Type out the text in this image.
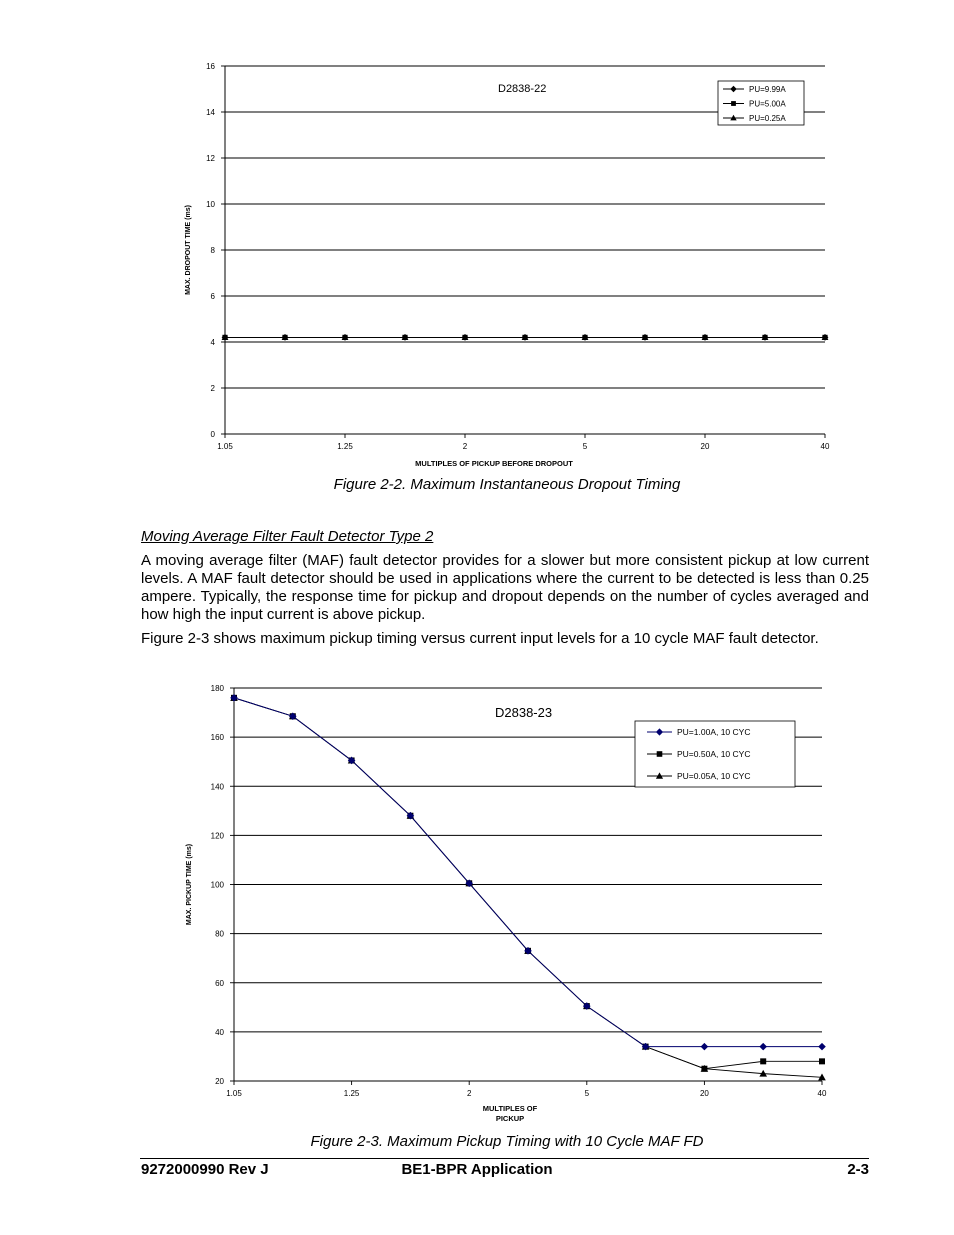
0
2
4
6
8
10
12
14
16
1.05	1.25	2	5	20	40
MAX. DROPOUT TIME (ms)
MULTIPLES OF PICKUP BEFORE DROPOUT
D2838-22	PU=9.99A
PU=5.00A
PU=0.25A
Figure 2-2. Maximum Instantaneous Dropout Timing
Moving Average Filter Fault Detector Type 2
A moving average filter (MAF) fault detector provides for a slower but more consistent pickup at low current levels. A MAF fault detector should be used in applications where the current to be detected is less than 0.25 ampere. Typically, the response time for pickup and dropout depends on the number of cycles averaged and how high the input current is above pickup.
Figure 2-3 shows maximum pickup timing versus current input levels for a 10 cycle MAF fault detector.
20
40
60
80
100
120
140
160
180
1.05	1.25	2	5	20	40
MAX. PICKUP TIME (ms)
MULTIPLES OF
PICKUP
D2838-23
PU=1.00A, 10 CYC
PU=0.50A, 10 CYC
PU=0.05A, 10 CYC
Figure 2-3. Maximum Pickup Timing with 10 Cycle MAF FD
9272000990 Rev J	BE1-BPR Application	2-3
